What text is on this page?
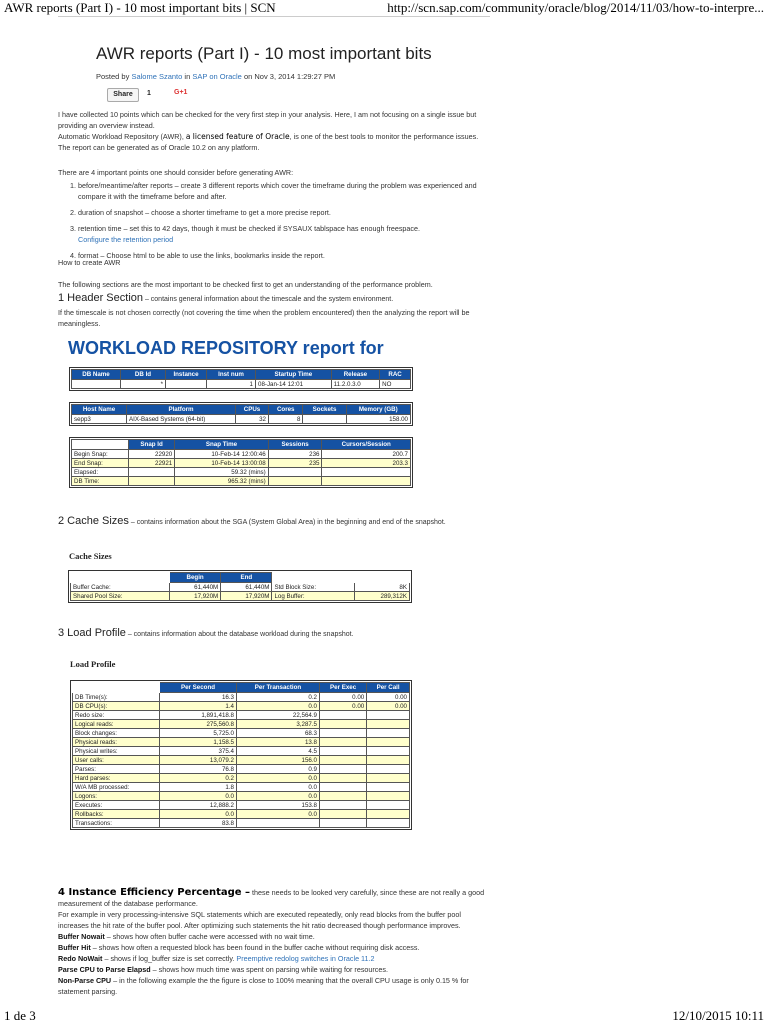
AWR reports (Part I) - 10 most important bits | SCN	http://scn.sap.com/community/oracle/blog/2014/11/03/how-to-interpre...
AWR reports (Part I) - 10 most important bits
Posted by Salome Szanto in SAP on Oracle on Nov 3, 2014 1:29:27 PM
Share	1	G+1
I have collected 10 points which can be checked for the very first step in your analysis. Here, I am not focusing on a single issue but providing an overview instead.
Automatic Workload Repository (AWR), a licensed feature of Oracle, is one of the best tools to monitor the performance issues. The report can be generated as of Oracle 10.2 on any platform.
There are 4 important points one should consider before generating AWR:
1. before/meantime/after reports – create 3 different reports which cover the timeframe during the problem was experienced and compare it with the timeframe before and after.
2. duration of snapshot – choose a shorter timeframe to get a more precise report.
3. retention time – set this to 42 days, though it must be checked if SYSAUX tablspace has enough freespace.
Configure the retention period
4. format – Choose html to be able to use the links, bookmarks inside the report.
How to create AWR
The following sections are the most important to be checked first to get an understanding of the performance problem.
1 Header Section – contains general information about the timescale and the system environment.
If the timescale is not chosen correctly (not covering the time when the problem encountered) then the analyzing the report will be meaningless.
WORKLOAD REPOSITORY report for
DB Name	DB Id	Instance	Inst num	Startup Time	Release	RAC
	*		1	08-Jan-14 12:01	11.2.0.3.0	NO
Host Name	Platform	CPUs	Cores	Sockets	Memory (GB)
sepp3	AIX-Based Systems (64-bit)	32	8		158.00
	Snap Id	Snap Time	Sessions	Cursors/Session
Begin Snap:	22920	10-Feb-14 12:00:46	236	200.7
End Snap:	22921	10-Feb-14 13:00:08	235	203.3
Elapsed:		59.32 (mins)		
DB Time:		965.32 (mins)		
2 Cache Sizes – contains information about the SGA (System Global Area) in the beginning and end of the snapshot.
Cache Sizes
	Begin	End		
Buffer Cache:	61,440M	61,440M	Std Block Size:	8K
Shared Pool Size:	17,920M	17,920M	Log Buffer:	289,312K
3 Load Profile – contains information about the database workload during the snapshot.
Load Profile
	Per Second	Per Transaction	Per Exec	Per Call
DB Time(s):	16.3	0.2	0.00	0.00
DB CPU(s):	1.4	0.0	0.00	0.00
Redo size:	1,891,418.8	22,564.9		
Logical reads:	275,560.8	3,287.5		
Block changes:	5,725.0	68.3		
Physical reads:	1,158.5	13.8		
Physical writes:	375.4	4.5		
User calls:	13,079.2	156.0		
Parses:	76.8	0.9		
Hard parses:	0.2	0.0		
W/A MB processed:	1.8	0.0		
Logons:	0.0	0.0		
Executes:	12,888.2	153.8		
Rollbacks:	0.0	0.0		
Transactions:	83.8			
4 Instance Efficiency Percentage – these needs to be looked very carefully, since these are not really a good measurement of the database performance.
For example in very processing-intensive SQL statements which are executed repeatedly, only read blocks from the buffer pool increases the hit rate of the buffer pool. After optimizing such statements the hit ratio decreased though performance improves.
Buffer Nowait – shows how often buffer cache were accessed with no wait time.
Buffer Hit – shows how often a requested block has been found in the buffer cache without requiring disk access.
Redo NoWait – shows if log_buffer size is set correctly. Preemptive redolog switches in Oracle 11.2
Parse CPU to Parse Elapsd – shows how much time was spent on parsing while waiting for resources.
Non-Parse CPU – in the following example the the figure is close to 100% meaning that the overall CPU usage is only 0.15 % for statement parsing.
1 de 3	12/10/2015 10:11
